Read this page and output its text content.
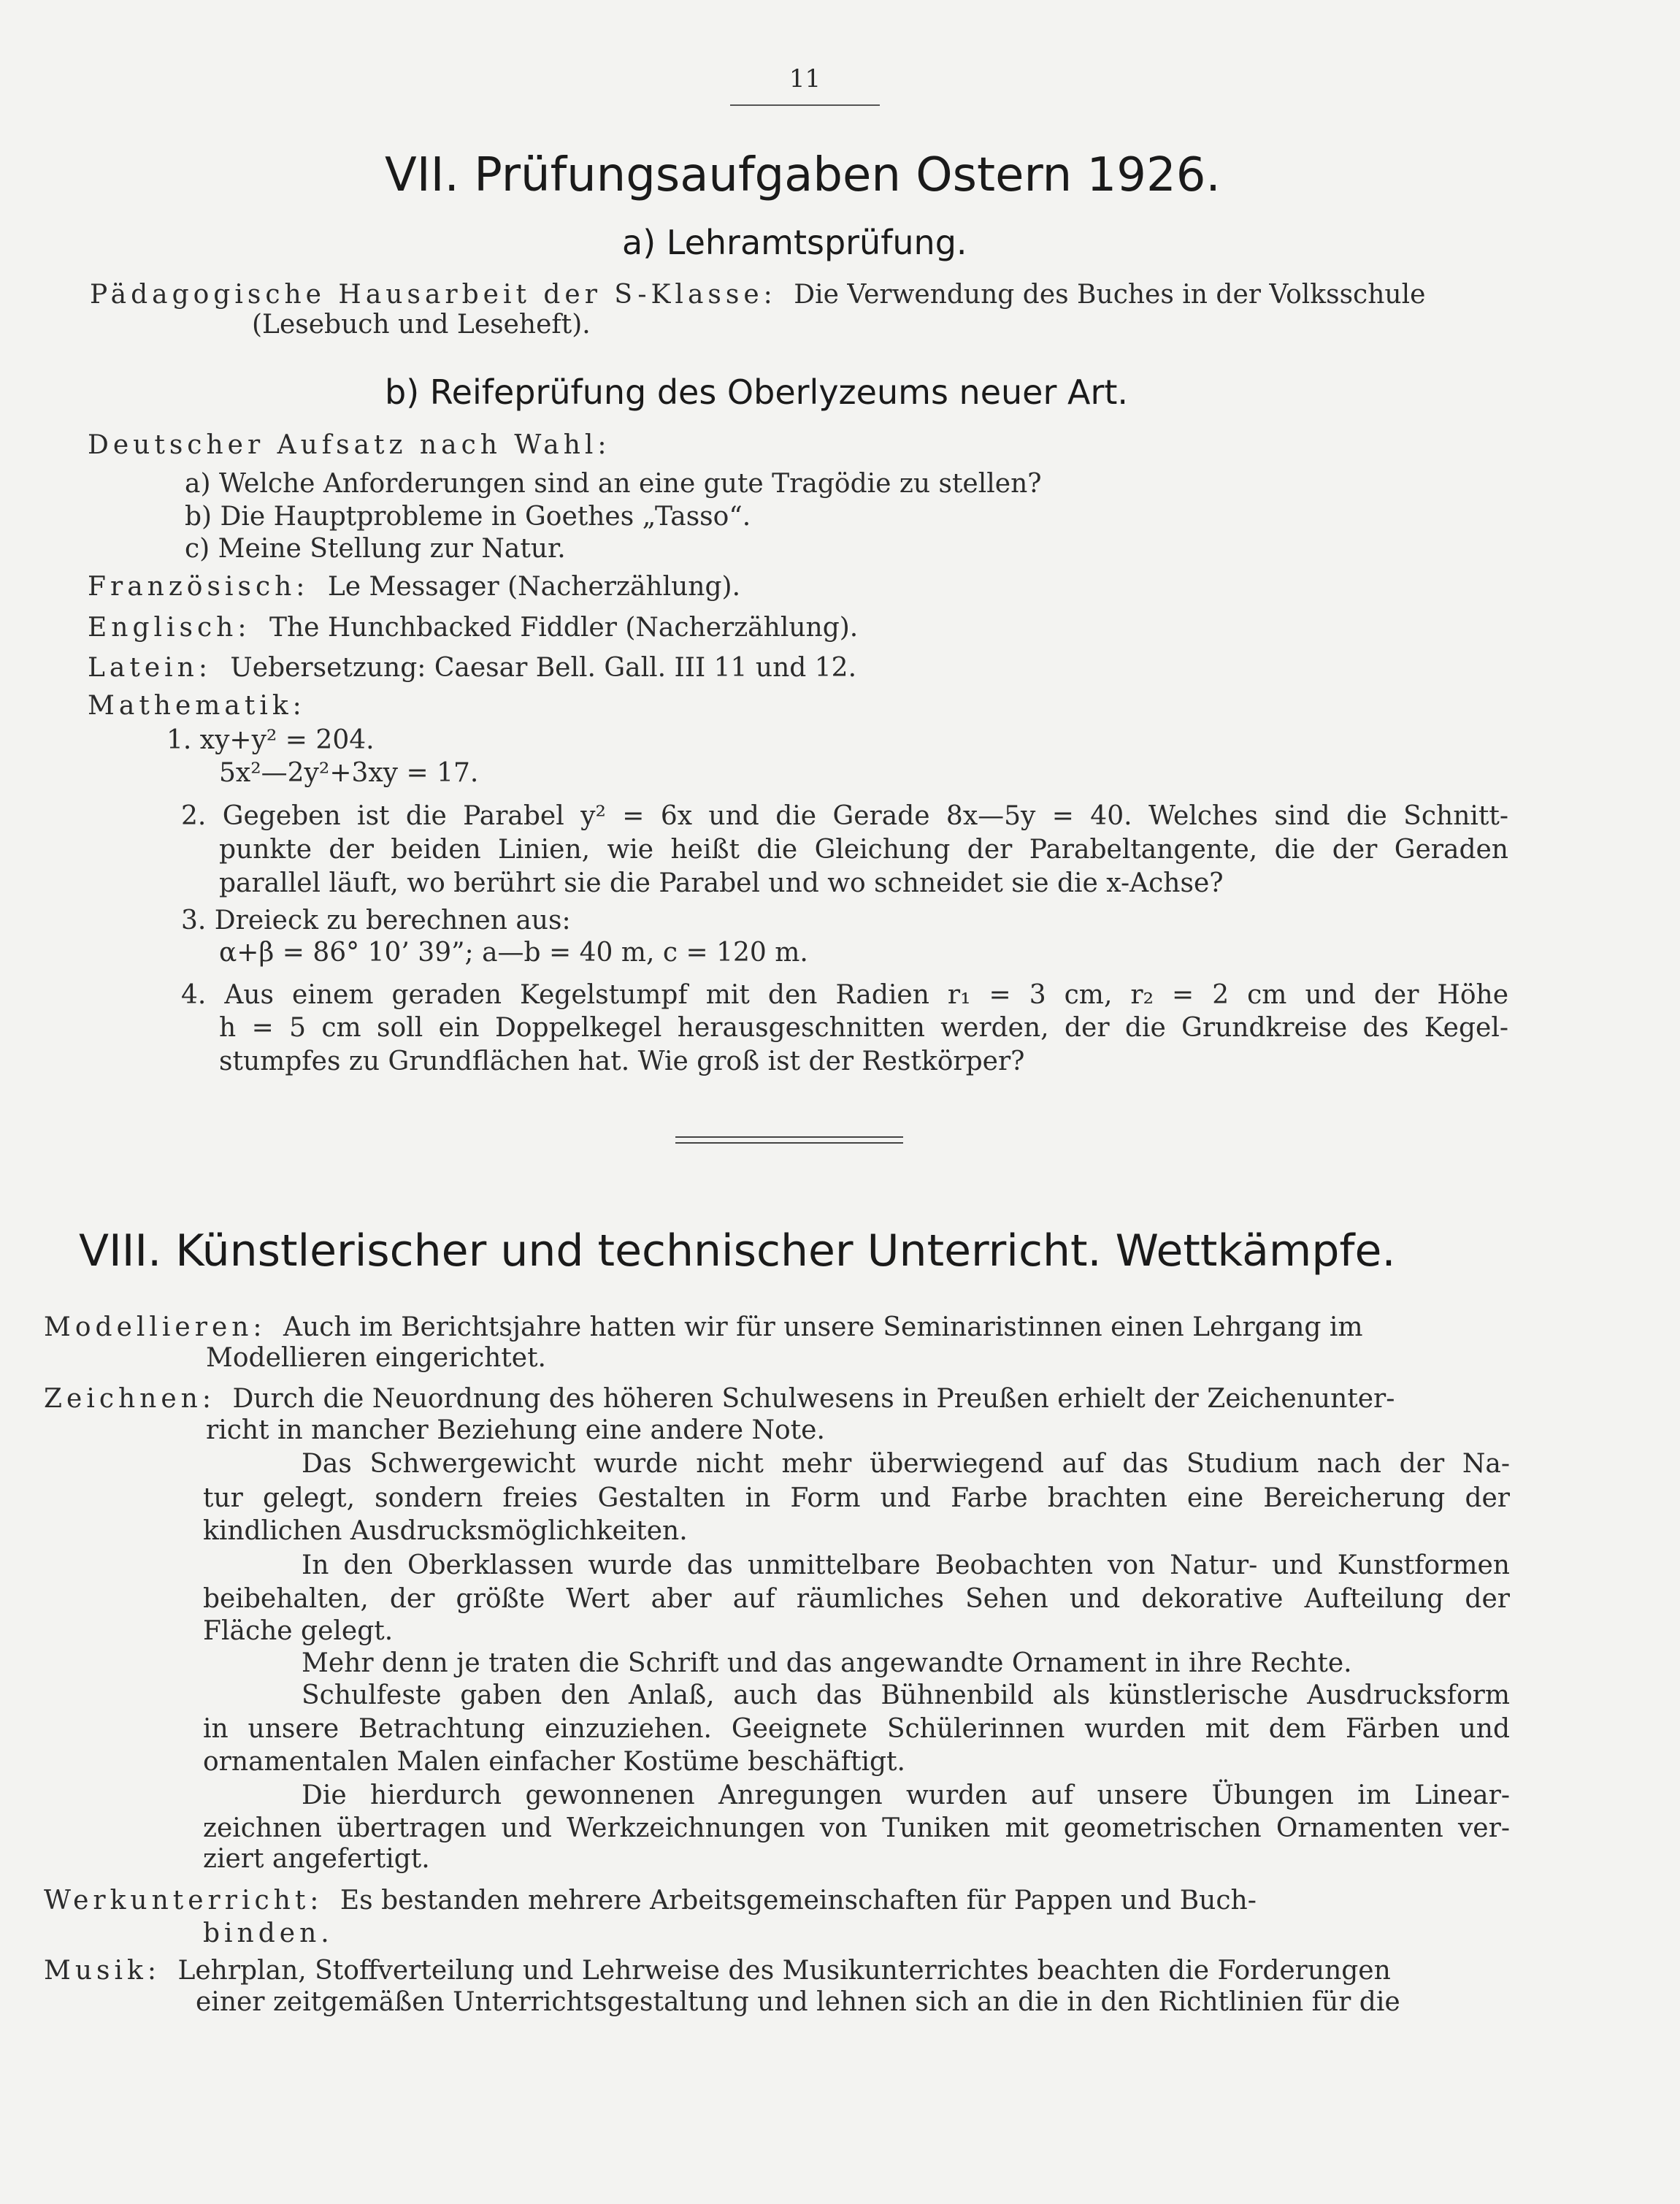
11
VII. Prüfungsaufgaben Ostern 1926.
a) Lehramtsprüfung.
Pädagogische Hausarbeit der S-Klasse: Die Verwendung des Buches in der Volksschule
(Lesebuch und Leseheft).
b) Reifeprüfung des Oberlyzeums neuer Art.
Deutscher Aufsatz nach Wahl:
a) Welche Anforderungen sind an eine gute Tragödie zu stellen?
b) Die Hauptprobleme in Goethes „Tasso“.
c) Meine Stellung zur Natur.
Französisch: Le Messager (Nacherzählung).
Englisch: The Hunchbacked Fiddler (Nacherzählung).
Latein: Uebersetzung: Caesar Bell. Gall. III 11 und 12.
Mathematik:
1. xy+y² = 204.
5x²—2y²+3xy = 17.
2. Gegeben ist die Parabel y² = 6x und die Gerade 8x—5y = 40. Welches sind die Schnitt-
punkte der beiden Linien, wie heißt die Gleichung der Parabeltangente, die der Geraden
parallel läuft, wo berührt sie die Parabel und wo schneidet sie die x-Achse?
3. Dreieck zu berechnen aus:
α+β = 86° 10’ 39”; a—b = 40 m, c = 120 m.
4. Aus einem geraden Kegelstumpf mit den Radien r₁ = 3 cm, r₂ = 2 cm und der Höhe
h = 5 cm soll ein Doppelkegel herausgeschnitten werden, der die Grundkreise des Kegel-
stumpfes zu Grundflächen hat. Wie groß ist der Restkörper?
VIII. Künstlerischer und technischer Unterricht. Wettkämpfe.
Modellieren: Auch im Berichtsjahre hatten wir für unsere Seminaristinnen einen Lehrgang im
Modellieren eingerichtet.
Zeichnen: Durch die Neuordnung des höheren Schulwesens in Preußen erhielt der Zeichenunter-
richt in mancher Beziehung eine andere Note.
Das Schwergewicht wurde nicht mehr überwiegend auf das Studium nach der Na-
tur gelegt, sondern freies Gestalten in Form und Farbe brachten eine Bereicherung der
kindlichen Ausdrucksmöglichkeiten.
In den Oberklassen wurde das unmittelbare Beobachten von Natur- und Kunstformen
beibehalten, der größte Wert aber auf räumliches Sehen und dekorative Aufteilung der
Fläche gelegt.
Mehr denn je traten die Schrift und das angewandte Ornament in ihre Rechte.
Schulfeste gaben den Anlaß, auch das Bühnenbild als künstlerische Ausdrucksform
in unsere Betrachtung einzuziehen. Geeignete Schülerinnen wurden mit dem Färben und
ornamentalen Malen einfacher Kostüme beschäftigt.
Die hierdurch gewonnenen Anregungen wurden auf unsere Übungen im Linear-
zeichnen übertragen und Werkzeichnungen von Tuniken mit geometrischen Ornamenten ver-
ziert angefertigt.
Werkunterricht: Es bestanden mehrere Arbeitsgemeinschaften für Pappen und Buch-
binden.
Musik: Lehrplan, Stoffverteilung und Lehrweise des Musikunterrichtes beachten die Forderungen
einer zeitgemäßen Unterrichtsgestaltung und lehnen sich an die in den Richtlinien für die
